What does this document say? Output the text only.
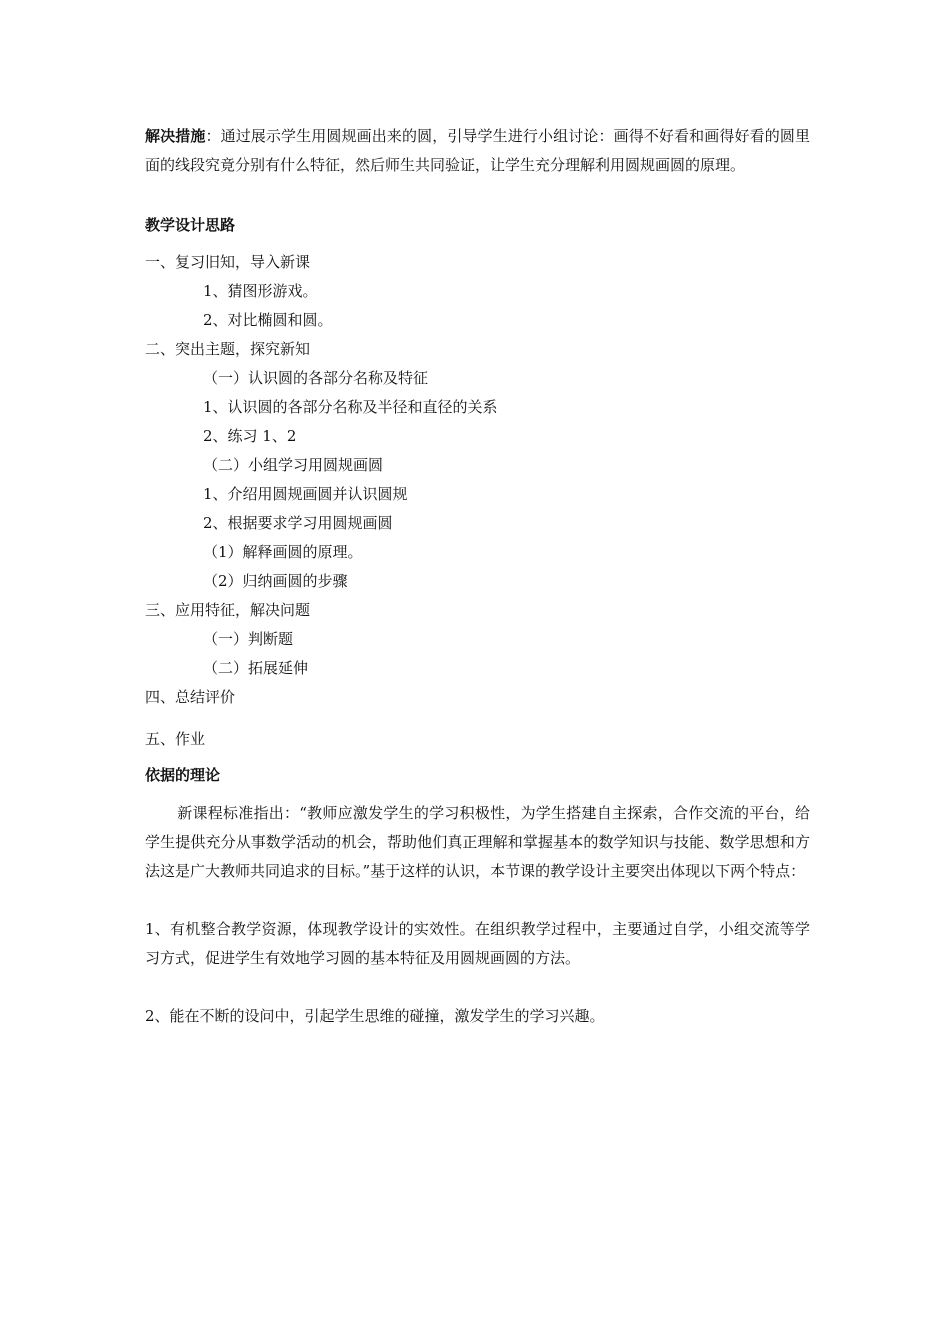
解决措施：通过展示学生用圆规画出来的圆，引导学生进行小组讨论：画得不好看和画得好看的圆里面的线段究竟分别有什么特征，然后师生共同验证，让学生充分理解利用圆规画圆的原理。

教学设计思路

一、复习旧知，导入新课

1、猜图形游戏。

2、对比椭圆和圆。

二、突出主题，探究新知

（一）认识圆的各部分名称及特征

1、认识圆的各部分名称及半径和直径的关系

2、练习 1、2

（二）小组学习用圆规画圆

1、介绍用圆规画圆并认识圆规

2、根据要求学习用圆规画圆

（1）解释画圆的原理。

（2）归纳画圆的步骤

三、应用特征，解决问题

（一）判断题

（二）拓展延伸

四、总结评价

五、作业

依据的理论

新课程标准指出：“教师应激发学生的学习积极性，为学生搭建自主探索，合作交流的平台，给学生提供充分从事数学活动的机会，帮助他们真正理解和掌握基本的数学知识与技能、数学思想和方法这是广大教师共同追求的目标。”基于这样的认识，本节课的教学设计主要突出体现以下两个特点：

1、有机整合教学资源，体现教学设计的实效性。在组织教学过程中，主要通过自学，小组交流等学习方式，促进学生有效地学习圆的基本特征及用圆规画圆的方法。

2、能在不断的设问中，引起学生思维的碰撞，激发学生的学习兴趣。
